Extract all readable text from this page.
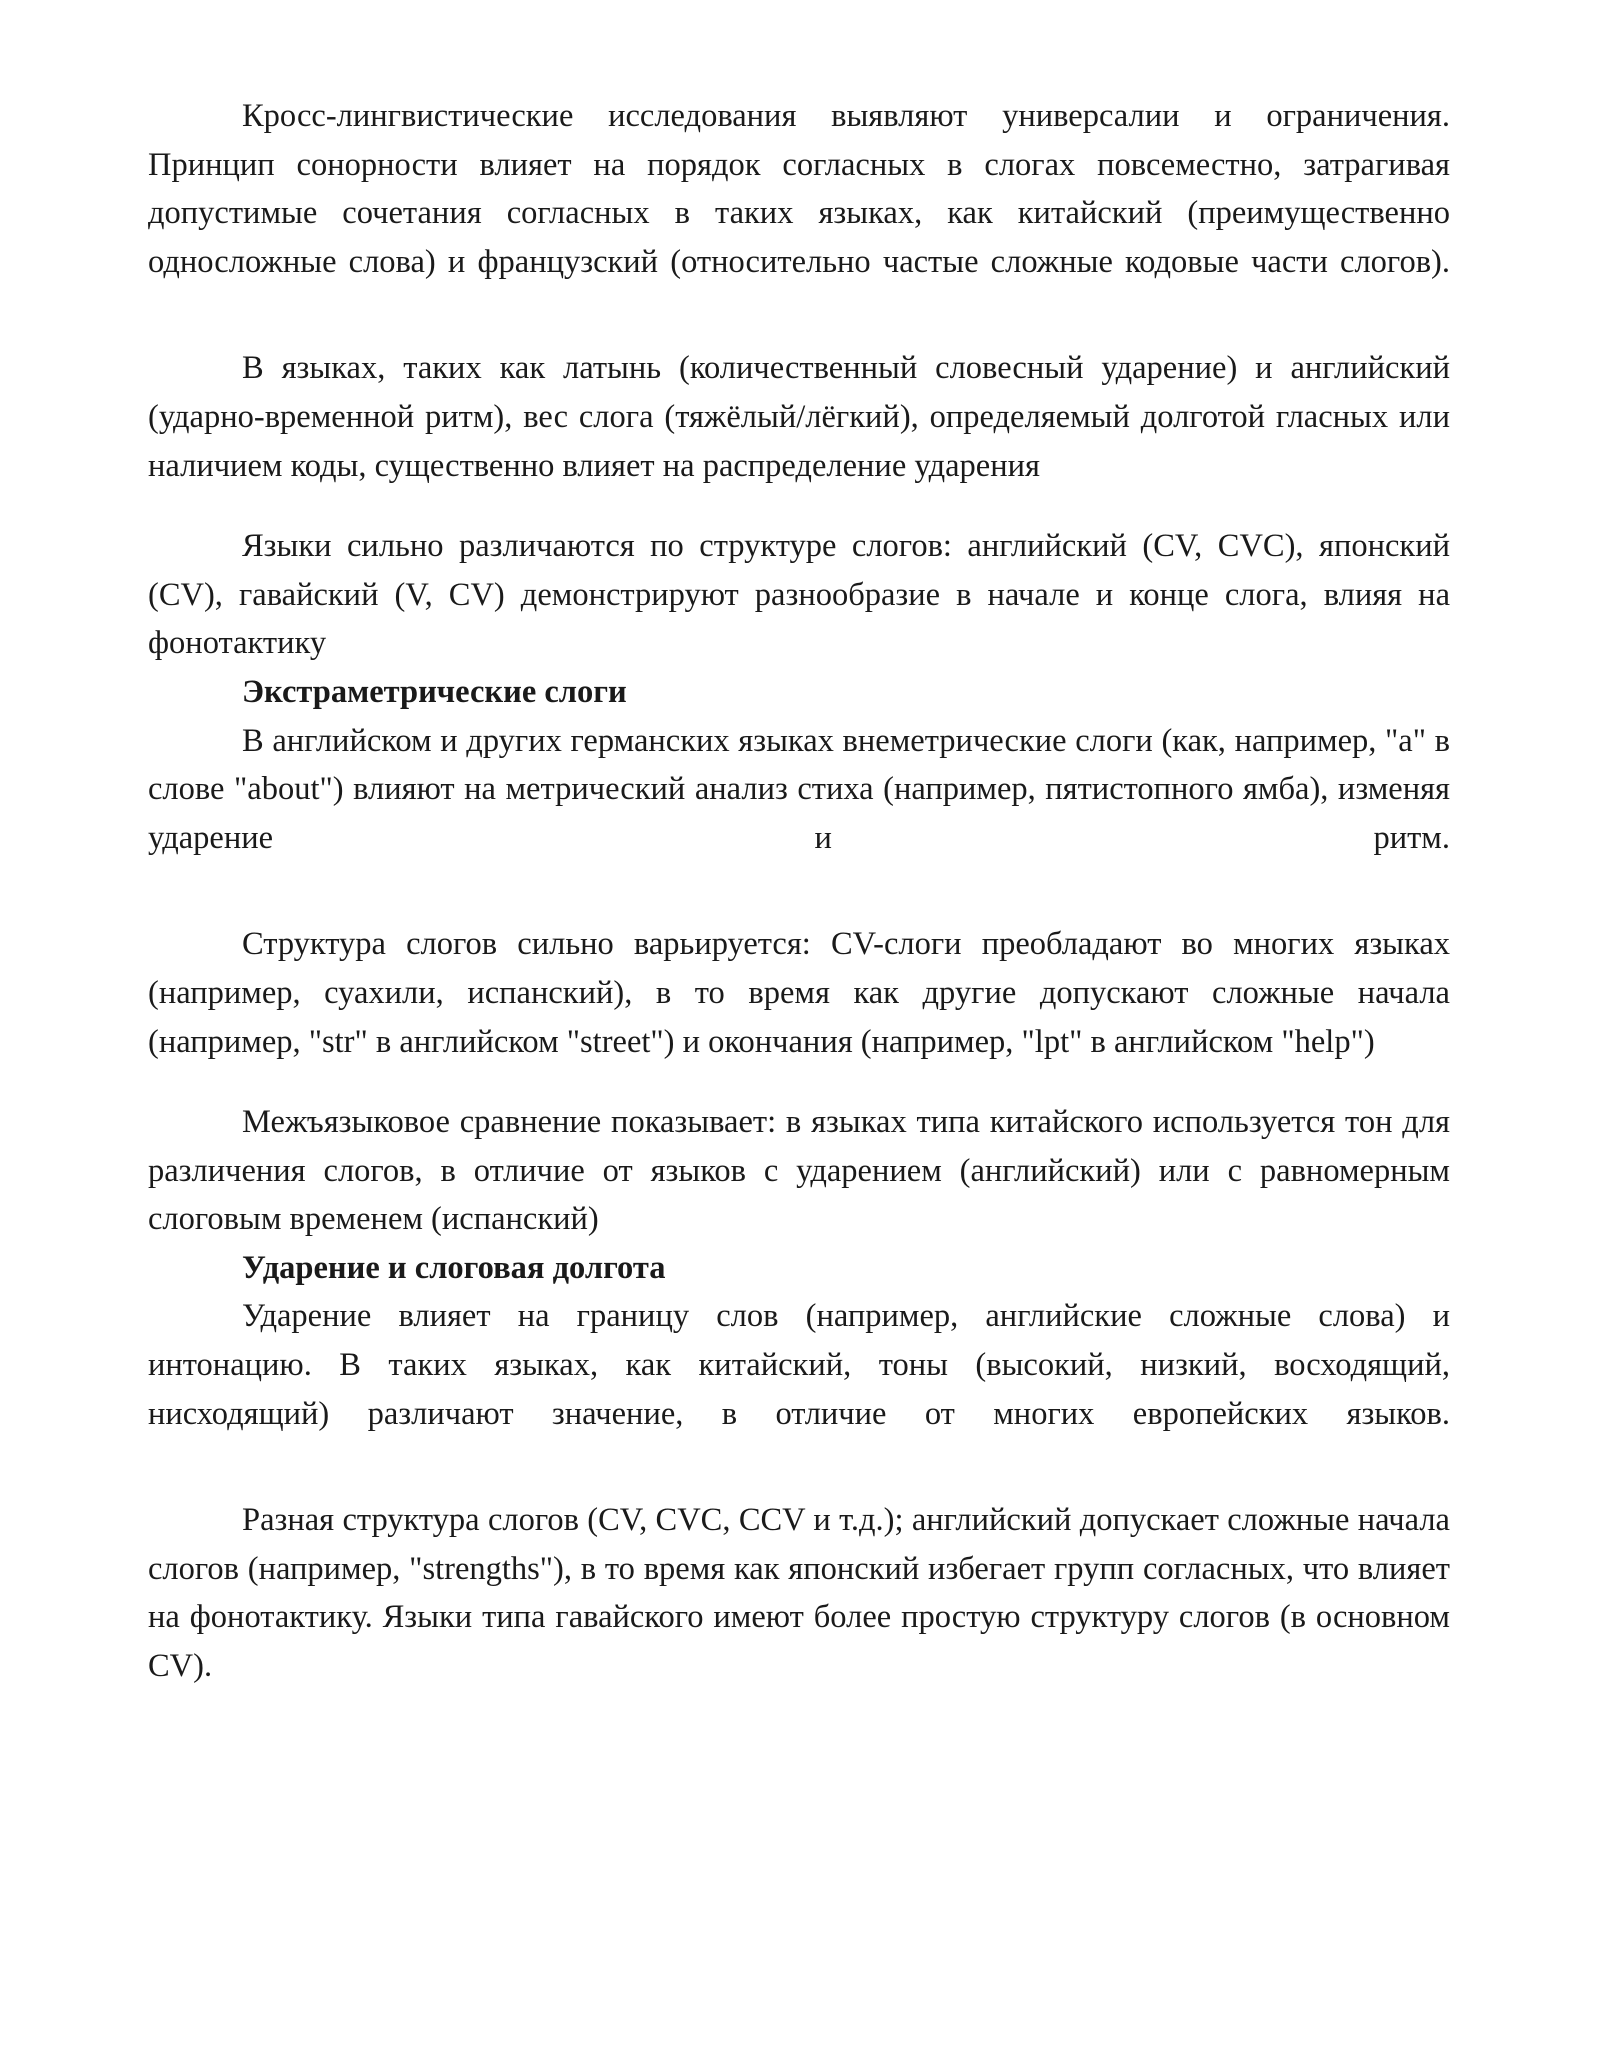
Кросс-лингвистические исследования выявляют универсалии и ограничения. Принцип сонорности влияет на порядок согласных в слогах повсеместно, затрагивая допустимые сочетания согласных в таких языках, как китайский (преимущественно односложные слова) и французский (относительно частые сложные кодовые части слогов).

В языках, таких как латынь (количественный словесный ударение) и английский (ударно-временной ритм), вес слога (тяжёлый/лёгкий), определяемый долготой гласных или наличием коды, существенно влияет на распределение ударения

Языки сильно различаются по структуре слогов: английский (CV, CVC), японский (CV), гавайский (V, CV) демонстрируют разнообразие в начале и конце слога, влияя на фонотактику

Экстраметрические слоги

В английском и других германских языках внеметрические слоги (как, например, "a" в слове "about") влияют на метрический анализ стиха (например, пятистопного ямба), изменяя ударение и ритм.

Структура слогов сильно варьируется: CV-слоги преобладают во многих языках (например, суахили, испанский), в то время как другие допускают сложные начала (например, "str" в английском "street") и окончания (например, "lpt" в английском "help")

Межъязыковое сравнение показывает: в языках типа китайского используется тон для различения слогов, в отличие от языков с ударением (английский) или с равномерным слоговым временем (испанский)

Ударение и слоговая долгота

Ударение влияет на границу слов (например, английские сложные слова) и интонацию. В таких языках, как китайский, тоны (высокий, низкий, восходящий, нисходящий) различают значение, в отличие от многих европейских языков.

Разная структура слогов (CV, CVC, CCV и т.д.); английский допускает сложные начала слогов (например, "strengths"), в то время как японский избегает групп согласных, что влияет на фонотактику. Языки типа гавайского имеют более простую структуру слогов (в основном CV).
